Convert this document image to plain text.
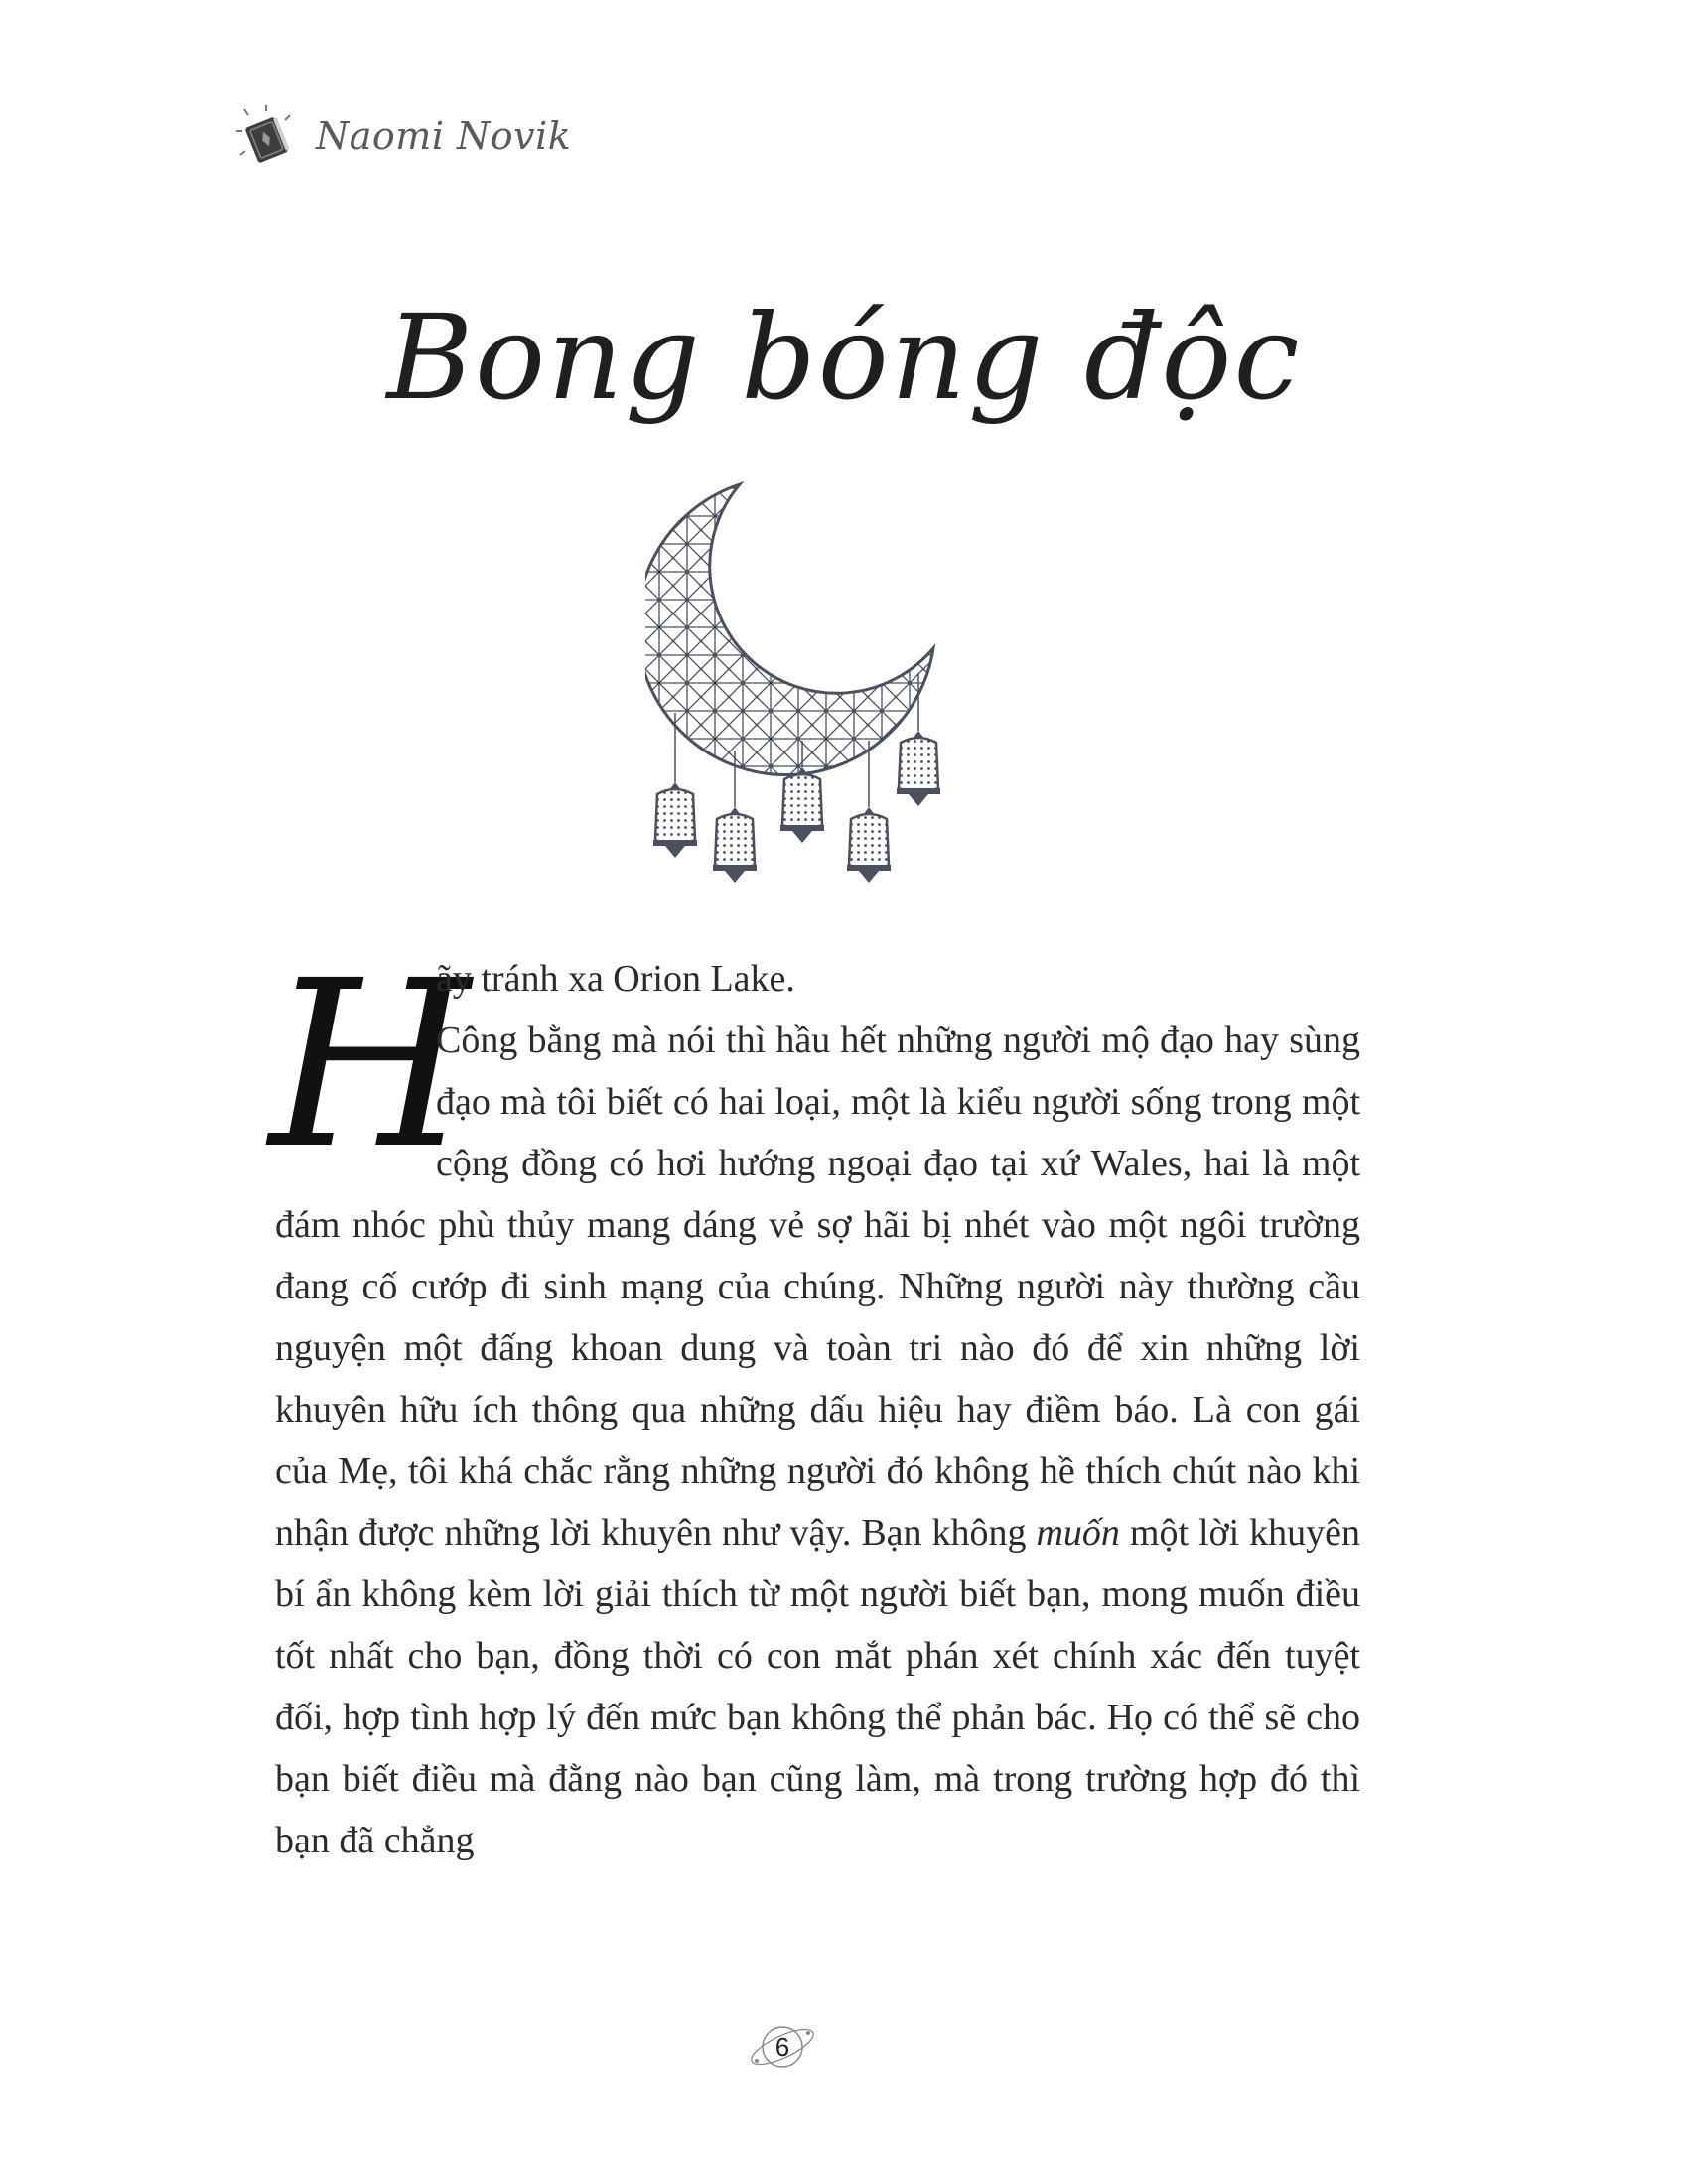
Naomi Novik
Bong bóng độc
H

ãy tránh xa Orion Lake.

Công bằng mà nói thì hầu hết những người mộ đạo hay sùng đạo mà tôi biết có hai loại, một là kiểu người sống trong một cộng đồng có hơi hướng ngoại đạo tại xứ Wales, hai là một đám nhóc phù thủy mang dáng vẻ sợ hãi bị nhét vào một ngôi trường đang cố cướp đi sinh mạng của chúng. Những người này thường cầu nguyện một đấng khoan dung và toàn tri nào đó để xin những lời khuyên hữu ích thông qua những dấu hiệu hay điềm báo. Là con gái của Mẹ, tôi khá chắc rằng những người đó không hề thích chút nào khi nhận được những lời khuyên như vậy. Bạn không muốn một lời khuyên bí ẩn không kèm lời giải thích từ một người biết bạn, mong muốn điều tốt nhất cho bạn, đồng thời có con mắt phán xét chính xác đến tuyệt đối, hợp tình hợp lý đến mức bạn không thể phản bác. Họ có thể sẽ cho bạn biết điều mà đằng nào bạn cũng làm, mà trong trường hợp đó thì bạn đã chẳng

6
